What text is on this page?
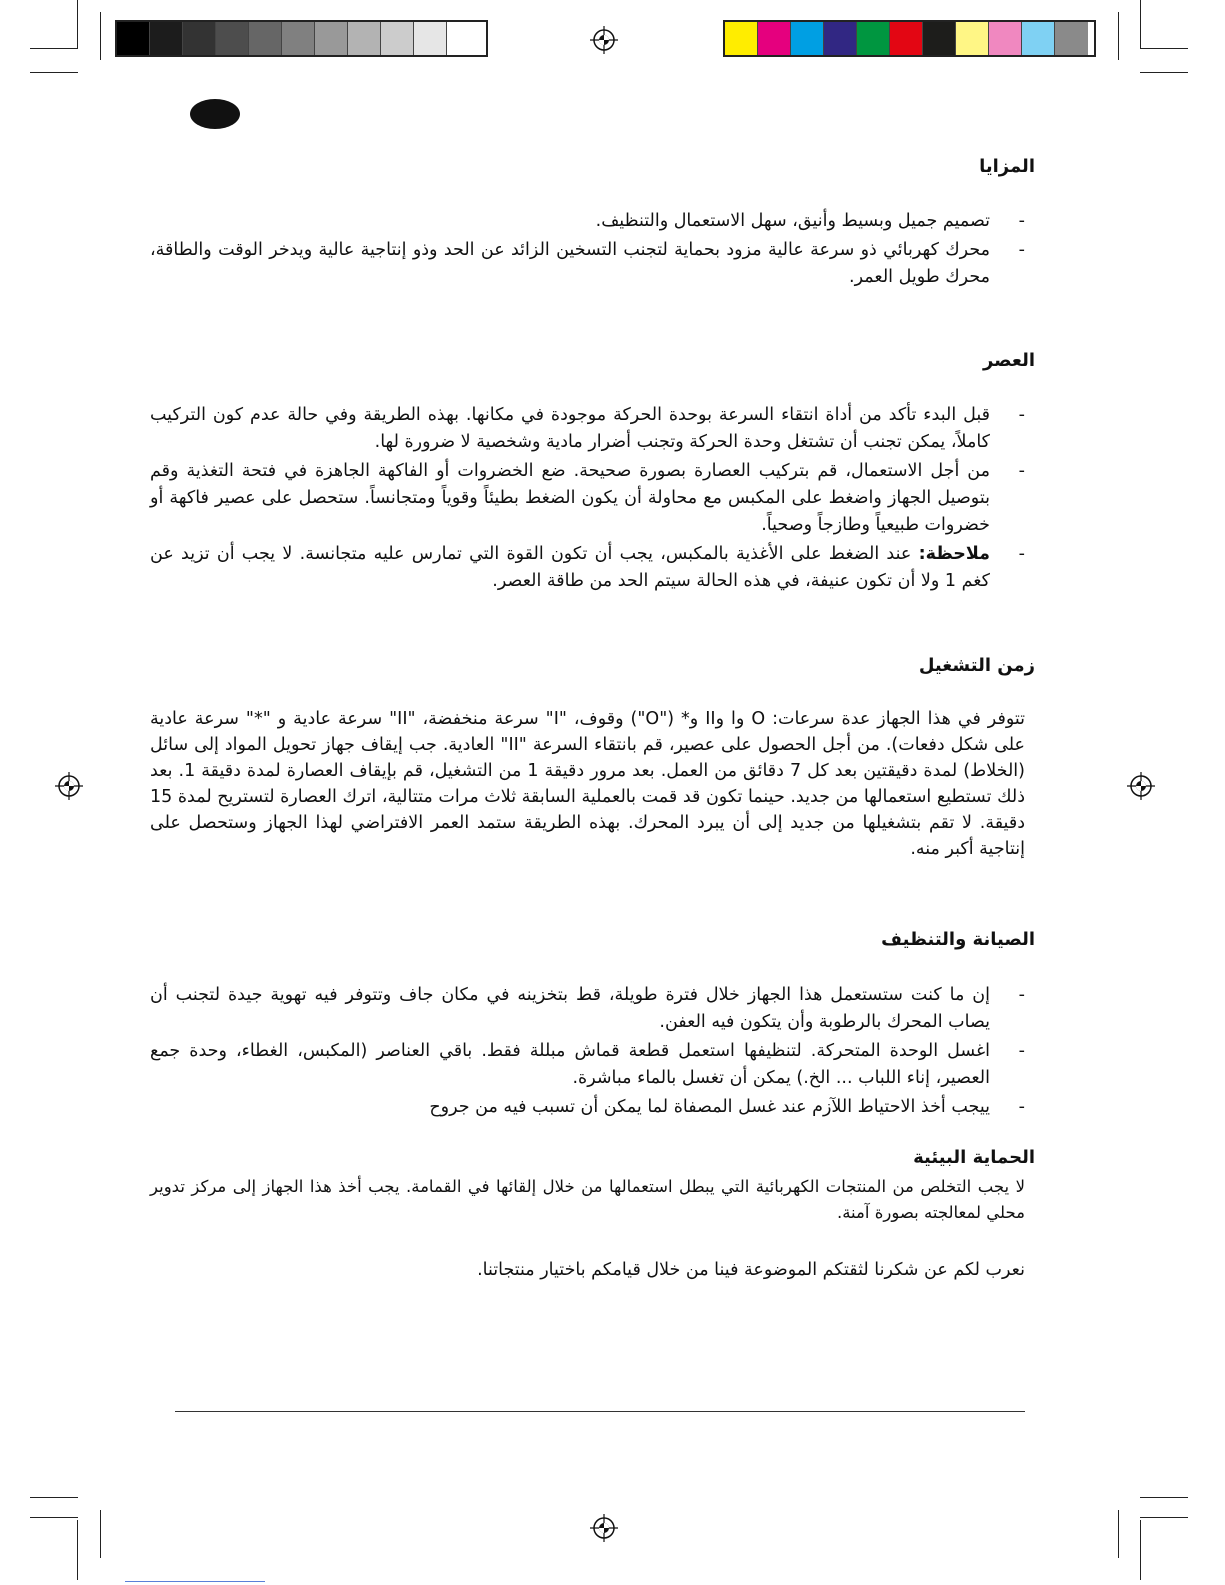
المزايا
-
تصميم جميل وبسيط وأنيق، سهل الاستعمال والتنظيف.
-
محرك كهربائي ذو سرعة عالية مزود بحماية لتجنب التسخين الزائد عن الحد وذو إنتاجية عالية ويدخر الوقت والطاقة، محرك طويل العمر.
العصر
-
قبل البدء تأكد من أداة انتقاء السرعة بوحدة الحركة موجودة في مكانها. بهذه الطريقة وفي حالة عدم كون التركيب كاملاً، يمكن تجنب أن تشتغل وحدة الحركة وتجنب أضرار مادية وشخصية لا ضرورة لها.
-
من أجل الاستعمال، قم بتركيب العصارة بصورة صحيحة. ضع الخضروات أو الفاكهة الجاهزة في فتحة التغذية وقم بتوصيل الجهاز واضغط على المكبس مع محاولة أن يكون الضغط بطيئاً وقوياً ومتجانساً. ستحصل على عصير فاكهة أو خضروات طبيعياً وطازجاً وصحياً.
-
ملاحظة: عند الضغط على الأغذية بالمكبس، يجب أن تكون القوة التي تمارس عليه متجانسة. لا يجب أن تزيد عن كغم 1 ولا أن تكون عنيفة، في هذه الحالة سيتم الحد من طاقة العصر.
زمن التشغيل
تتوفر في هذا الجهاز عدة سرعات: O وا وII و* ("O") وقوف، "I" سرعة منخفضة، "II" سرعة عادية و "*" سرعة عادية على شكل دفعات). من أجل الحصول على عصير، قم بانتقاء السرعة "II" العادية. جب إيقاف جهاز تحويل المواد إلى سائل (الخلاط) لمدة دقيقتين بعد كل 7 دقائق من العمل. بعد مرور دقيقة 1 من التشغيل، قم بإيقاف العصارة لمدة دقيقة 1. بعد ذلك تستطيع استعمالها من جديد. حينما تكون قد قمت بالعملية السابقة ثلاث مرات متتالية، اترك العصارة لتستريح لمدة 15 دقيقة. لا تقم بتشغيلها من جديد إلى أن يبرد المحرك. بهذه الطريقة ستمد العمر الافتراضي لهذا الجهاز وستحصل على إنتاجية أكبر منه.
الصيانة والتنظيف
-
إن ما كنت ستستعمل هذا الجهاز خلال فترة طويلة، قط بتخزينه في مكان جاف وتتوفر فيه تهوية جيدة لتجنب أن يصاب المحرك بالرطوبة وأن يتكون فيه العفن.
-
اغسل الوحدة المتحركة. لتنظيفها استعمل قطعة قماش مبللة فقط. باقي العناصر (المكبس، الغطاء، وحدة جمع العصير، إناء اللباب ... الخ.) يمكن أن تغسل بالماء مباشرة.
-
ييجب أخذ الاحتياط اللآزم عند غسل المصفاة لما يمكن أن تسبب فيه من جروح
الحماية البيئية
لا يجب التخلص من المنتجات الكهربائية التي يبطل استعمالها من خلال إلقائها في القمامة. يجب أخذ هذا الجهاز إلى مركز تدوير محلي لمعالجته بصورة آمنة.
نعرب لكم عن شكرنا لثقتكم الموضوعة فينا من خلال قيامكم باختيار منتجاتنا.
